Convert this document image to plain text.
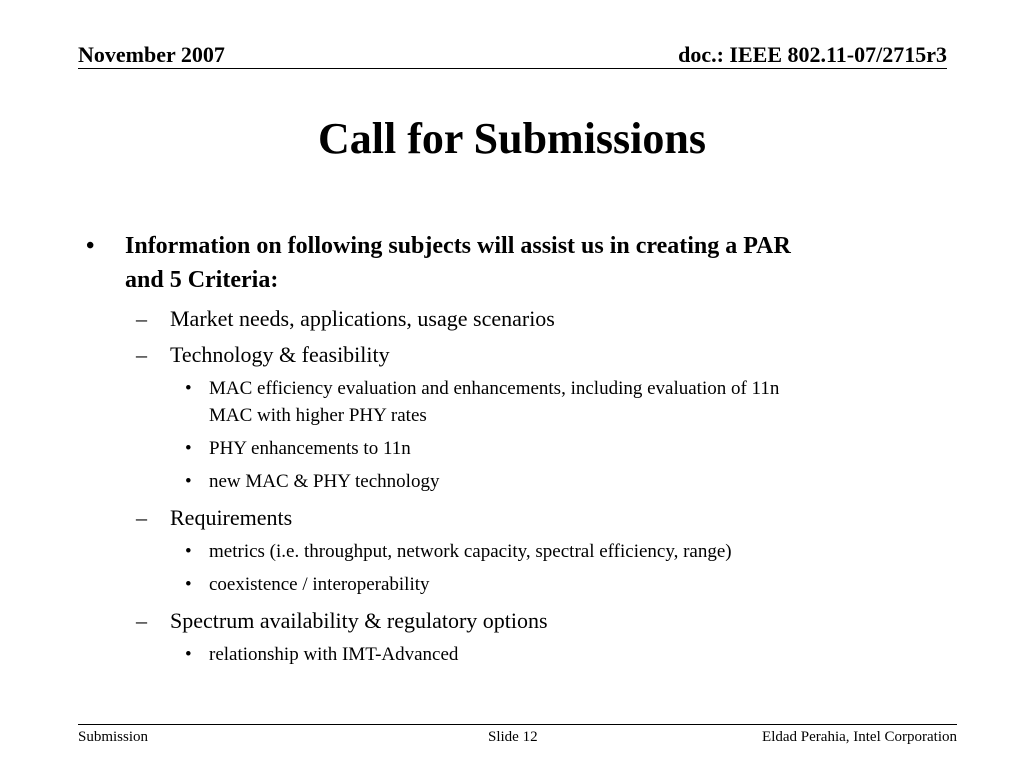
November 2007	doc.: IEEE 802.11-07/2715r3
Call for Submissions
• Information on following subjects will assist us in creating a PAR
and 5 Criteria:
– Market needs, applications, usage scenarios
– Technology & feasibility
• MAC efficiency evaluation and enhancements, including evaluation of 11n
MAC with higher PHY rates
• PHY enhancements to 11n
• new MAC & PHY technology
– Requirements
• metrics (i.e. throughput, network capacity, spectral efficiency, range)
• coexistence / interoperability
– Spectrum availability & regulatory options
• relationship with IMT-Advanced
Submission	Slide 12	Eldad Perahia, Intel Corporation
